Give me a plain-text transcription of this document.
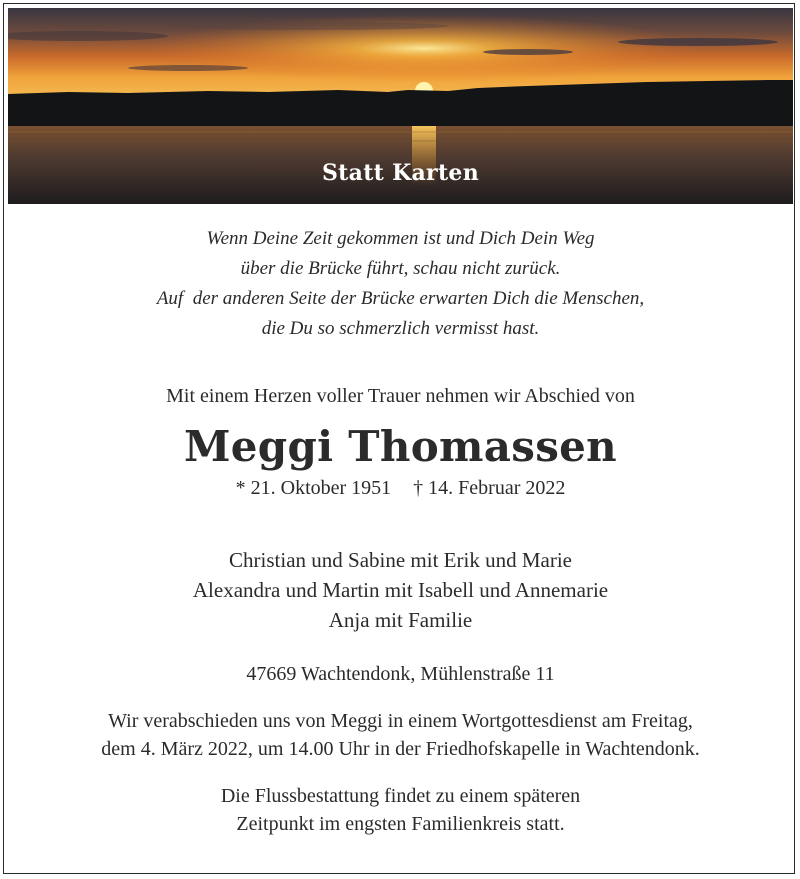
Statt Karten
Wenn Deine Zeit gekommen ist und Dich Dein Weg
über die Brücke führt, schau nicht zurück.
Auf  der anderen Seite der Brücke erwarten Dich die Menschen,
die Du so schmerzlich vermisst hast.
Mit einem Herzen voller Trauer nehmen wir Abschied von
Meggi Thomassen
* 21. Oktober 1951 † 14. Februar 2022
Christian und Sabine mit Erik und Marie
Alexandra und Martin mit Isabell und Annemarie
Anja mit Familie
47669 Wachtendonk, Mühlenstraße 11
Wir verabschieden uns von Meggi in einem Wortgottesdienst am Freitag,
dem 4. März 2022, um 14.00 Uhr in der Friedhofskapelle in Wachtendonk.
Die Flussbestattung findet zu einem späteren
Zeitpunkt im engsten Familienkreis statt.
